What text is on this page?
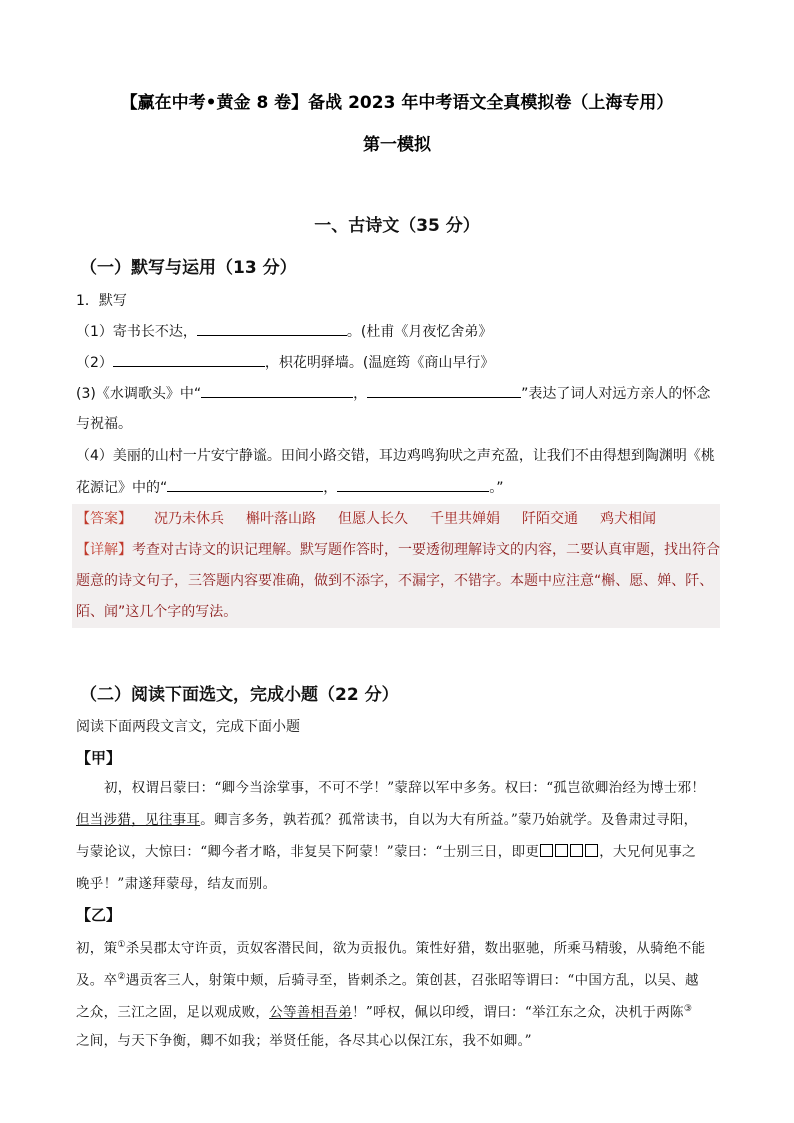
【赢在中考•黄金 8 卷】备战 2023 年中考语文全真模拟卷（上海专用）
第一模拟
一、古诗文（35 分）
（一）默写与运用（13 分）
1．默写
（1）寄书长不达，	。(杜甫《月夜忆舍弟》
（2）	，枳花明驿墙。(温庭筠《商山早行》
(3)《水调歌头》中“	，	”表达了词人对远方亲人的怀念
与祝福。
（4）美丽的山村一片安宁静谧。田间小路交错，耳边鸡鸣狗吠之声充盈，让我们不由得想到陶渊明《桃
花源记》中的“	，	。”
【答案】 况乃未休兵 槲叶落山路 但愿人长久 千里共婵娟 阡陌交通 鸡犬相闻
【详解】考查对古诗文的识记理解。默写题作答时，一要透彻理解诗文的内容，二要认真审题，找出符合
题意的诗文句子，三答题内容要准确，做到不添字，不漏字，不错字。本题中应注意“槲、愿、婵、阡、
陌、闻”这几个字的写法。
（二）阅读下面选文，完成小题（22 分）
阅读下面两段文言文，完成下面小题
【甲】
初，权谓吕蒙曰：“卿今当涂掌事，不可不学！”蒙辞以军中多务。权曰：“孤岂欲卿治经为博士邪！
但当涉猎，见往事耳。卿言多务，孰若孤？孤常读书，自以为大有所益。”蒙乃始就学。及鲁肃过寻阳，
与蒙论议，大惊曰：“卿今者才略，非复吴下阿蒙！”蒙曰：“士别三日，即更	，大兄何见事之
晚乎！”肃遂拜蒙母，结友而别。
【乙】
初，策①杀吴郡太守许贡，贡奴客潜民间，欲为贡报仇。策性好猎，数出驱驰，所乘马精骏，从骑绝不能
及。卒②遇贡客三人，射策中颊，后骑寻至，皆刺杀之。策创甚，召张昭等谓曰：“中国方乱，以吴、越
之众，三江之固，足以观成败，公等善相吾弟！”呼权，佩以印绶，谓曰：“举江东之众，决机于两陈③
之间，与天下争衡，卿不如我；举贤任能，各尽其心以保江东，我不如卿。”
